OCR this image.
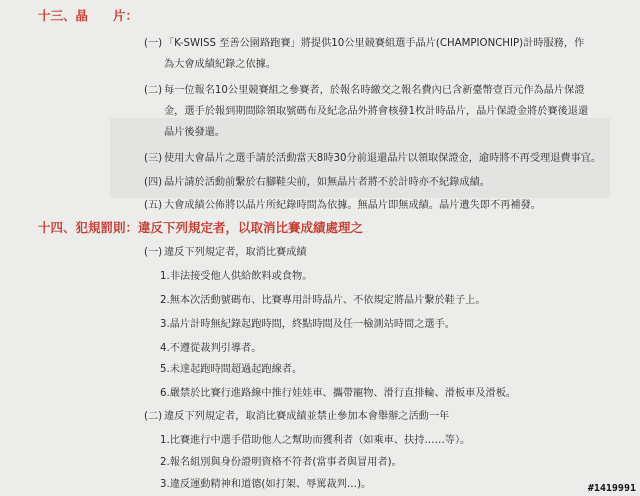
十三、晶　　片：
(一) 「K-SWISS 至善公園路跑賽」將提供10公里競賽組選手晶片(CHAMPIONCHIP)計時服務，作
為大會成績紀錄之依據。
(二) 每一位報名10公里競賽組之參賽者，於報名時繳交之報名費內已含新臺幣壹百元作為晶片保證
金，選手於報到期間除領取號碼布及紀念品外將會核發1枚計時晶片，晶片保證金將於賽後退還
晶片後發還。
(三) 使用大會晶片之選手請於活動當天8時30分前退還晶片以領取保證金，逾時將不再受理退費事宜。
(四) 晶片請於活動前繫於右腳鞋尖前，如無晶片者將不於計時亦不紀錄成績。
(五) 大會成績公佈將以晶片所紀錄時間為依據。無晶片即無成績。晶片遺失即不再補發。
十四、犯規罰則：違反下列規定者，以取消比賽成績處理之
(一) 違反下列規定者，取消比賽成績
1.非法接受他人供給飲料或食物。
2.無本次活動號碼布、比賽專用計時晶片、不依規定將晶片繫於鞋子上。
3.晶片計時無紀錄起跑時間，終點時間及任一檢測站時間之選手。
4.不遵從裁判引導者。
5.未達起跑時間超過起跑線者。
6.嚴禁於比賽行進路線中推行娃娃車、攜帶寵物、滑行直排輪、滑板車及滑板。
(二) 違反下列規定者，取消比賽成績並禁止參加本會舉辦之活動一年
1.比賽進行中選手借助他人之幫助而獲利者（如乘車、扶持……等）。
2.報名組別與身份證明資格不符者(當事者與冒用者)。
3.違反運動精神和道德(如打架、辱罵裁判…)。	#1419991
